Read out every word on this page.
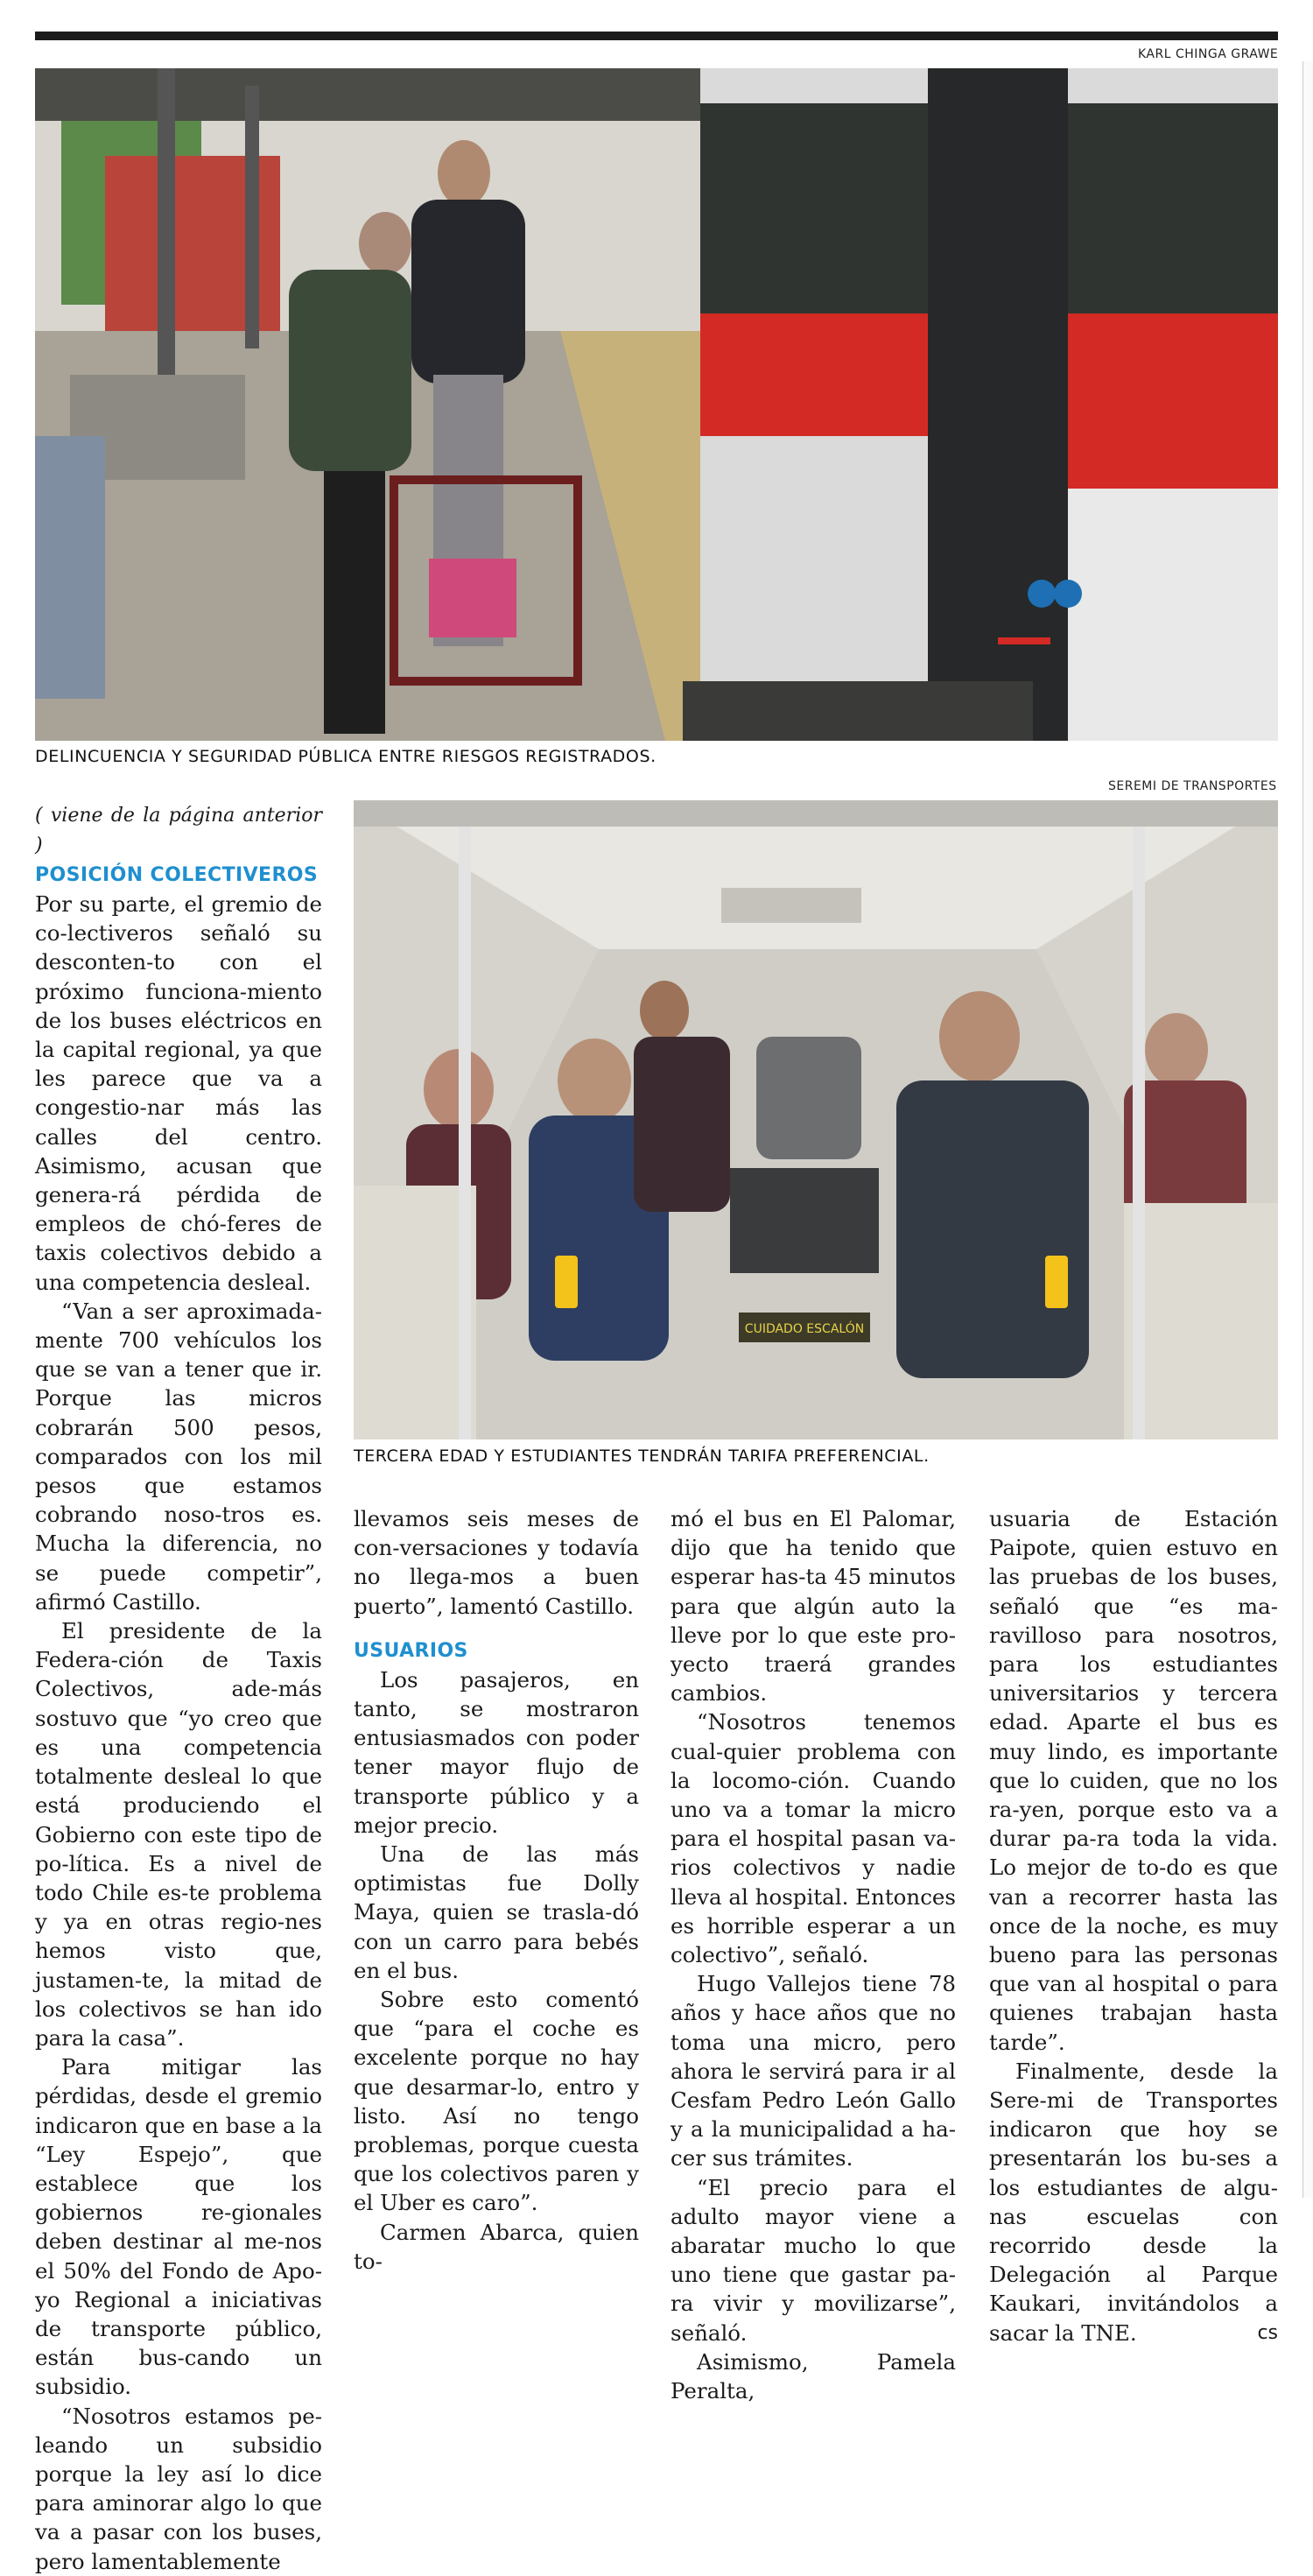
KARL CHINGA GRAWE
DELINCUENCIA Y SEGURIDAD PÚBLICA ENTRE RIESGOS REGISTRADOS.
SEREMI DE TRANSPORTES
CUIDADO ESCALÓN
TERCERA EDAD Y ESTUDIANTES TENDRÁN TARIFA PREFERENCIAL.
( viene de la página anterior )
POSICIÓN COLECTIVEROS

Por su parte, el gremio de co-lectiveros señaló su desconten-to con el próximo funciona-miento de los buses eléctricos en la capital regional, ya que les parece que va a congestio-nar más las calles del centro. Asimismo, acusan que genera-rá pérdida de empleos de chó-feres de taxis colectivos debido a una competencia desleal.

“Van a ser aproximada-mente 700 vehículos los que se van a tener que ir. Porque las micros cobrarán 500 pesos, comparados con los mil pesos que estamos cobrando noso-tros es. Mucha la diferencia, no se puede competir”, afirmó Castillo.

El presidente de la Federa-ción de Taxis Colectivos, ade-más sostuvo que “yo creo que es una competencia totalmente desleal lo que está produciendo el Gobierno con este tipo de po-lítica. Es a nivel de todo Chile es-te problema y ya en otras regio-nes hemos visto que, justamen-te, la mitad de los colectivos se han ido para la casa”.

Para mitigar las pérdidas, desde el gremio indicaron que en base a la “Ley Espejo”, que establece que los gobiernos re-gionales deben destinar al me-nos el 50% del Fondo de Apo-yo Regional a iniciativas de transporte público, están bus-cando un subsidio.

“Nosotros estamos pe-leando un subsidio porque la ley así lo dice para aminorar algo lo que va a pasar con los buses, pero lamentablemente

llevamos seis meses de con-versaciones y todavía no llega-mos a buen puerto”, lamentó Castillo.

USUARIOS

Los pasajeros, en tanto, se mostraron entusiasmados con poder tener mayor flujo de transporte público y a mejor precio.

Una de las más optimistas fue Dolly Maya, quien se trasla-dó con un carro para bebés en el bus.

Sobre esto comentó que “para el coche es excelente porque no hay que desarmar-lo, entro y listo. Así no tengo problemas, porque cuesta que los colectivos paren y el Uber es caro”.

Carmen Abarca, quien to-

mó el bus en El Palomar, dijo que ha tenido que esperar has-ta 45 minutos para que algún auto la lleve por lo que este pro-yecto traerá grandes cambios.

“Nosotros tenemos cual-quier problema con la locomo-ción. Cuando uno va a tomar la micro para el hospital pasan va-rios colectivos y nadie lleva al hospital. Entonces es horrible esperar a un colectivo”, señaló.

Hugo Vallejos tiene 78 años y hace años que no toma una micro, pero ahora le servirá para ir al Cesfam Pedro León Gallo y a la municipalidad a ha-cer sus trámites.

“El precio para el adulto mayor viene a abaratar mucho lo que uno tiene que gastar pa-ra vivir y movilizarse”, señaló.

Asimismo, Pamela Peralta,

usuaria de Estación Paipote, quien estuvo en las pruebas de los buses, señaló que “es ma-ravilloso para nosotros, para los estudiantes universitarios y tercera edad. Aparte el bus es muy lindo, es importante que lo cuiden, que no los ra-yen, porque esto va a durar pa-ra toda la vida. Lo mejor de to-do es que van a recorrer hasta las once de la noche, es muy bueno para las personas que van al hospital o para quienes trabajan hasta tarde”.

Finalmente, desde la Sere-mi de Transportes indicaron que hoy se presentarán los bu-ses a los estudiantes de algu-nas escuelas con recorrido desde la Delegación al Parque Kaukari, invitándolos a sacar la TNE.	cs
